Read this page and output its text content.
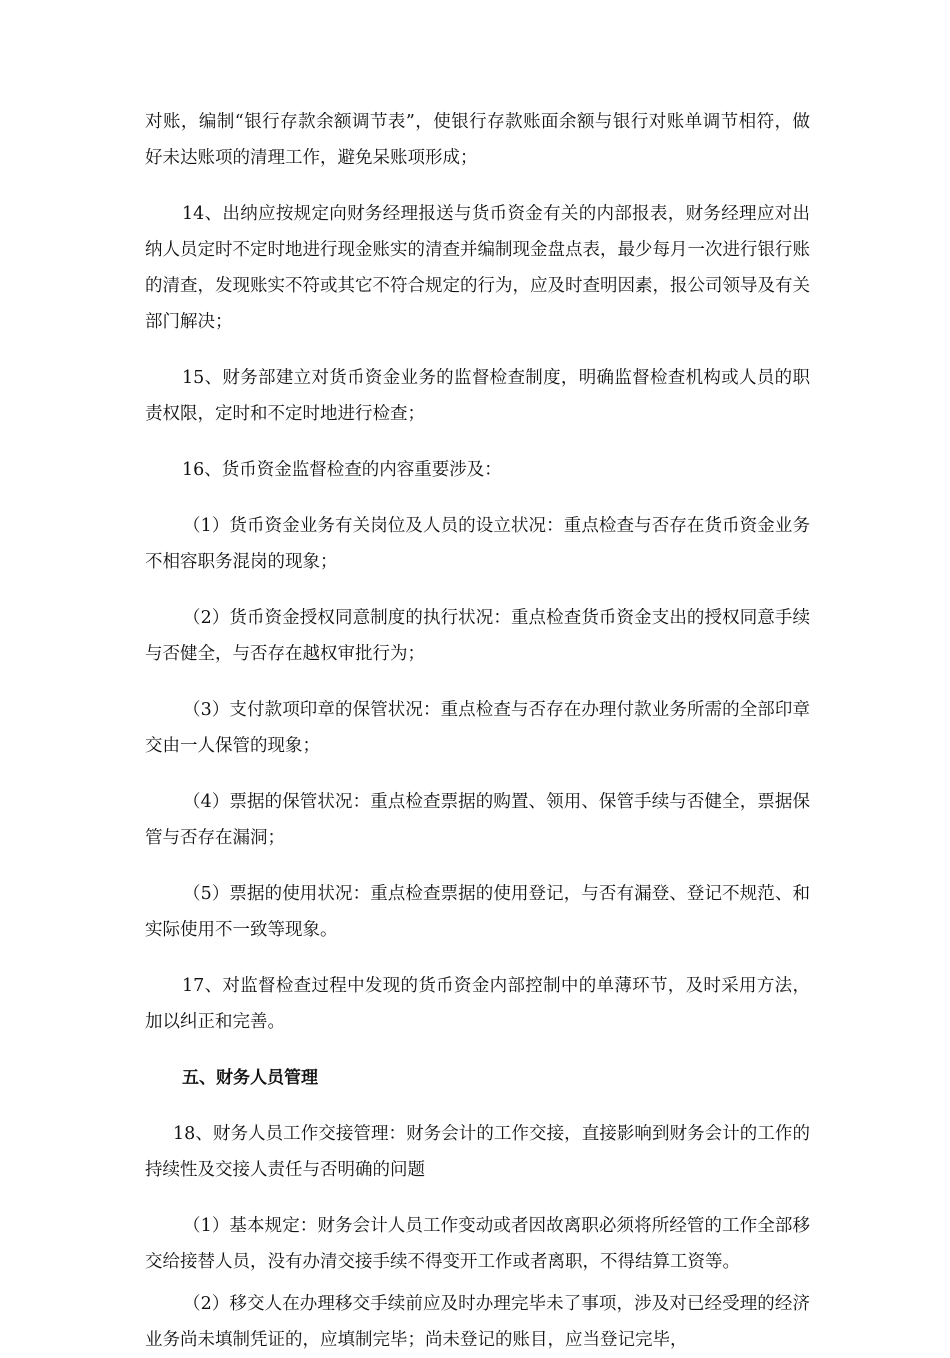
对账，编制“银行存款余额调节表”，使银行存款账面余额与银行对账单调节相符，做好未达账项的清理工作，避免呆账项形成；

14、出纳应按规定向财务经理报送与货币资金有关的内部报表，财务经理应对出纳人员定时不定时地进行现金账实的清查并编制现金盘点表，最少每月一次进行银行账的清查，发现账实不符或其它不符合规定的行为，应及时查明因素，报公司领导及有关部门解决；

15、财务部建立对货币资金业务的监督检查制度，明确监督检查机构或人员的职责权限，定时和不定时地进行检查；

16、货币资金监督检查的内容重要涉及：

（1）货币资金业务有关岗位及人员的设立状况：重点检查与否存在货币资金业务不相容职务混岗的现象；

（2）货币资金授权同意制度的执行状况：重点检查货币资金支出的授权同意手续与否健全，与否存在越权审批行为；

（3）支付款项印章的保管状况：重点检查与否存在办理付款业务所需的全部印章交由一人保管的现象；

（4）票据的保管状况：重点检查票据的购置、领用、保管手续与否健全，票据保管与否存在漏洞；

（5）票据的使用状况：重点检查票据的使用登记，与否有漏登、登记不规范、和实际使用不一致等现象。

17、对监督检查过程中发现的货币资金内部控制中的单薄环节，及时采用方法，加以纠正和完善。

五、财务人员管理

18、财务人员工作交接管理：财务会计的工作交接，直接影响到财务会计的工作的持续性及交接人责任与否明确的问题

（1）基本规定：财务会计人员工作变动或者因故离职必须将所经管的工作全部移交给接替人员，没有办清交接手续不得变开工作或者离职，不得结算工资等。

（2）移交人在办理移交手续前应及时办理完毕未了事项，涉及对已经受理的经济业务尚未填制凭证的，应填制完毕；尚未登记的账目，应当登记完毕，
